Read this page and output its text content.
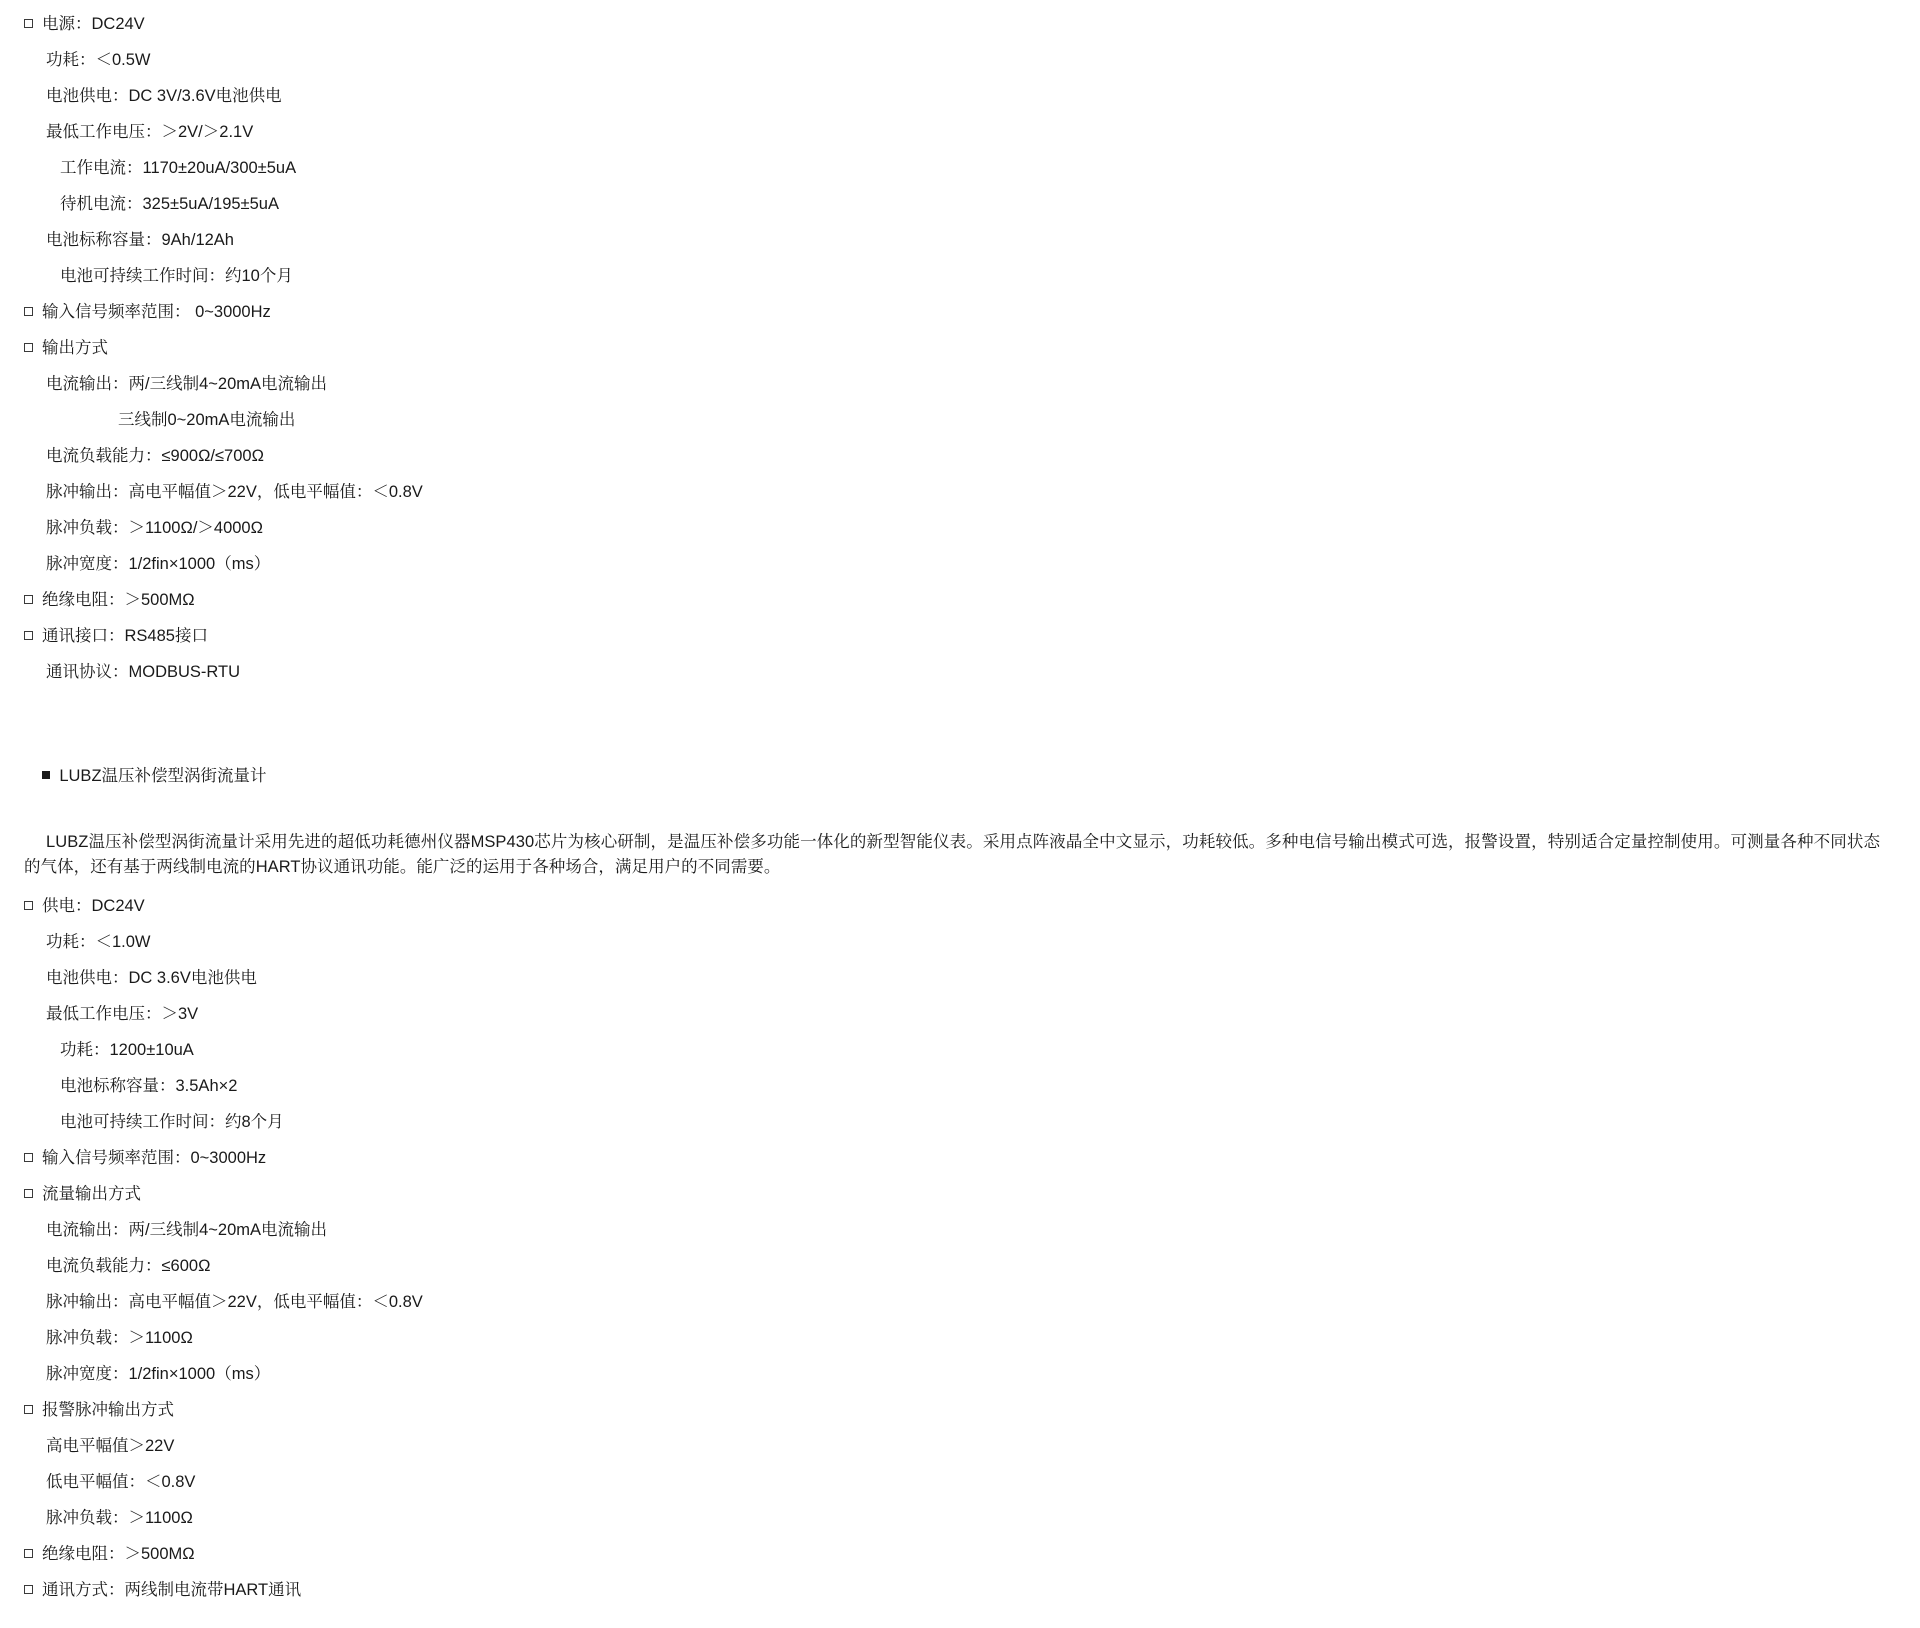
电源：DC24V
功耗：＜0.5W
电池供电：DC 3V/3.6V电池供电
最低工作电压：＞2V/＞2.1V
工作电流：1170±20uA/300±5uA
待机电流：325±5uA/195±5uA
电池标称容量：9Ah/12Ah
电池可持续工作时间：约10个月
输入信号频率范围： 0~3000Hz
输出方式
电流输出：两/三线制4~20mA电流输出
三线制0~20mA电流输出
电流负载能力：≤900Ω/≤700Ω
脉冲输出：高电平幅值＞22V，低电平幅值：＜0.8V
脉冲负载：＞1100Ω/＞4000Ω
脉冲宽度：1/2fin×1000（ms）
绝缘电阻：＞500MΩ
通讯接口：RS485接口
通讯协议：MODBUS-RTU

LUBZ温压补偿型涡街流量计

LUBZ温压补偿型涡街流量计采用先进的超低功耗德州仪器MSP430芯片为核心研制，是温压补偿多功能一体化的新型智能仪表。采用点阵液晶全中文显示，功耗较低。多种电信号输出模式可选，报警设置，特别适合定量控制使用。可测量各种不同状态的气体，还有基于两线制电流的HART协议通讯功能。能广泛的运用于各种场合，满足用户的不同需要。
供电：DC24V
功耗：＜1.0W
电池供电：DC 3.6V电池供电
最低工作电压：＞3V
功耗：1200±10uA
电池标称容量：3.5Ah×2
电池可持续工作时间：约8个月
输入信号频率范围：0~3000Hz
流量输出方式
电流输出：两/三线制4~20mA电流输出
电流负载能力：≤600Ω
脉冲输出：高电平幅值＞22V，低电平幅值：＜0.8V
脉冲负载：＞1100Ω
脉冲宽度：1/2fin×1000（ms）
报警脉冲输出方式
高电平幅值＞22V
低电平幅值：＜0.8V
脉冲负载：＞1100Ω
绝缘电阻：＞500MΩ
通讯方式：两线制电流带HART通讯
